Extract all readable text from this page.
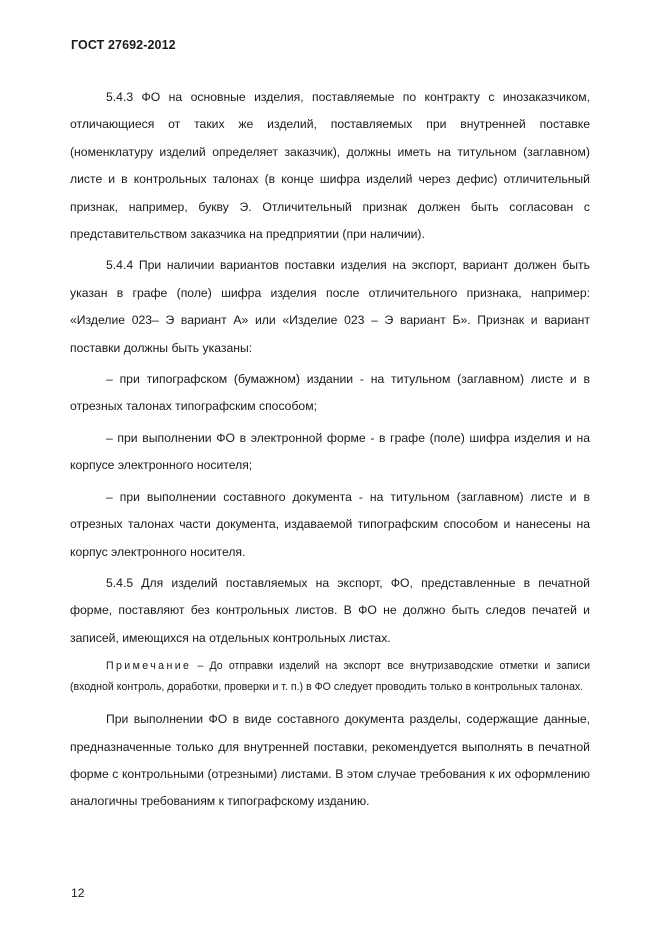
ГОСТ 27692-2012

5.4.3 ФО на основные изделия, поставляемые по контракту с инозаказчиком, отличающиеся от таких же изделий, поставляемых при внутренней поставке (номенклатуру изделий определяет заказчик), должны иметь на титульном (заглавном) листе и в контрольных талонах (в конце шифра изделий через дефис) отличительный признак, например, букву Э. Отличительный признак должен быть согласован с представительством заказчика на предприятии (при наличии).

5.4.4 При наличии вариантов поставки изделия на экспорт, вариант должен быть указан в графе (поле) шифра изделия после отличительного признака, например: «Изделие 023– Э вариант А» или «Изделие 023 – Э вариант Б». Признак и вариант поставки должны быть указаны:

– при типографском (бумажном) издании - на титульном (заглавном) листе и в отрезных талонах типографским способом;

– при выполнении ФО в электронной форме - в графе (поле) шифра изделия и на корпусе электронного носителя;

– при выполнении составного документа - на титульном (заглавном) листе и в отрезных талонах части документа, издаваемой типографским способом и нанесены на корпус электронного носителя.

5.4.5 Для изделий поставляемых на экспорт, ФО, представленные в печатной форме, поставляют без контрольных листов. В ФО не должно быть следов печатей и записей, имеющихся на отдельных контрольных листах.

Примечание – До отправки изделий на экспорт все внутризаводские отметки и записи (входной контроль, доработки, проверки и т. п.) в ФО следует проводить только в контрольных талонах.

При выполнении ФО в виде составного документа разделы, содержащие данные, предназначенные только для внутренней поставки, рекомендуется выполнять в печатной форме с контрольными (отрезными) листами. В этом случае требования к их оформлению аналогичны требованиям к типографскому изданию.

12
